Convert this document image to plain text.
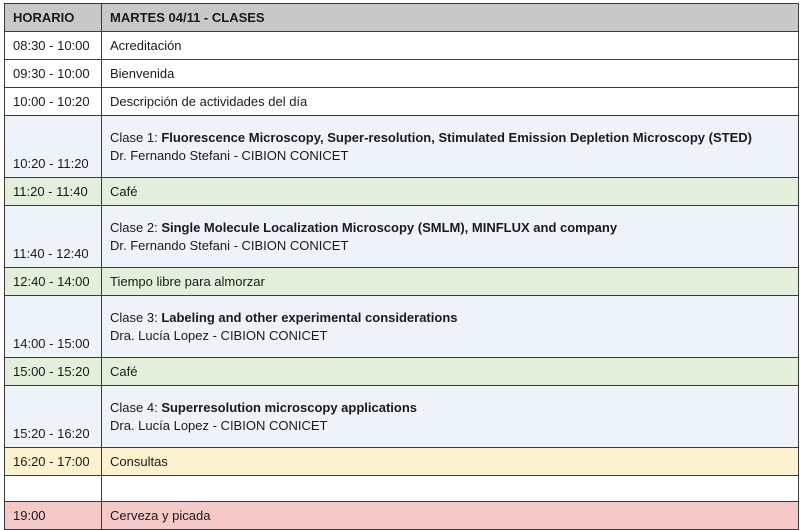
HORARIO	MARTES 04/11 - CLASES
08:30 - 10:00	Acreditación
09:30 - 10:00	Bienvenida
10:00 - 10:20	Descripción de actividades del día
10:20 - 11:20	Clase 1: Fluorescence Microscopy, Super-resolution, Stimulated Emission Depletion Microscopy (STED)
Dr. Fernando Stefani - CIBION CONICET

11:20 - 11:40	Café
11:40 - 12:40	Clase 2: Single Molecule Localization Microscopy (SMLM), MINFLUX and company
Dr. Fernando Stefani - CIBION CONICET

12:40 - 14:00	Tiempo libre para almorzar
14:00 - 15:00	Clase 3: Labeling and other experimental considerations
Dra. Lucía Lopez - CIBION CONICET

15:00 - 15:20	Café
15:20 - 16:20	Clase 4: Superresolution microscopy applications
Dra. Lucía Lopez - CIBION CONICET

16:20 - 17:00	Consultas

19:00	Cerveza y picada
